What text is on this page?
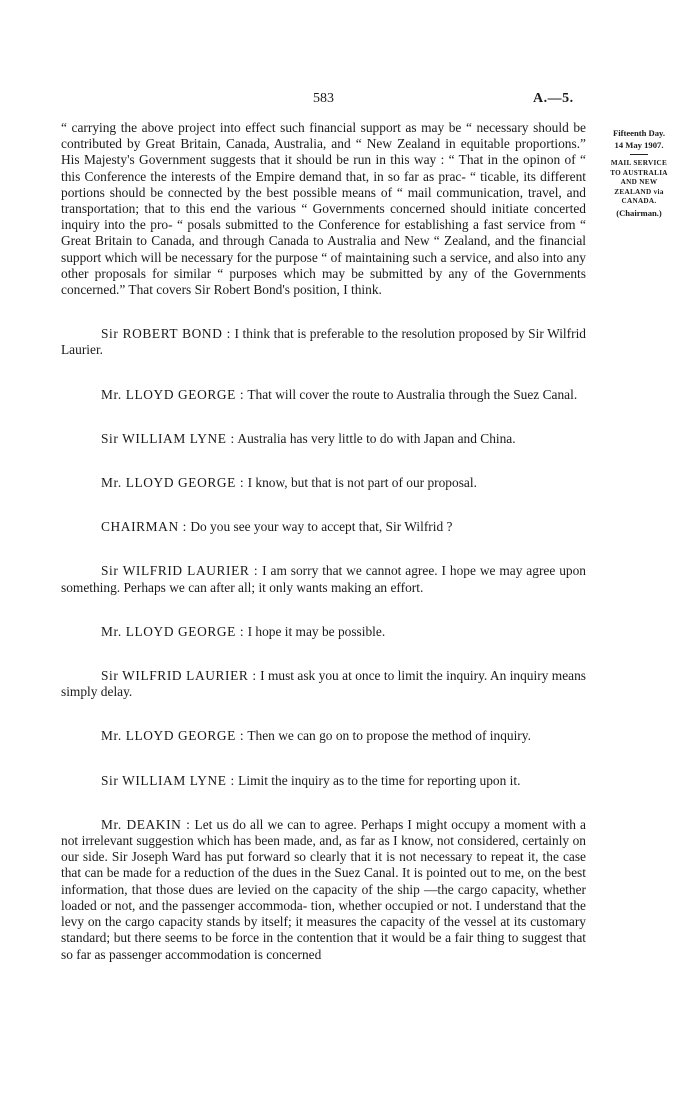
583	A.—5.
Fifteenth Day.
14 May 1907.
MAIL SERVICE
TO AUSTRALIA
AND NEW
ZEALAND via
CANADA.
(Chairman.)

“ carrying the above project into effect such financial support as may be “ necessary should be contributed by Great Britain, Canada, Australia, and “ New Zealand in equitable proportions.” His Majesty's Government suggests that it should be run in this way : “ That in the opinon of “ this Conference the interests of the Empire demand that, in so far as prac- “ ticable, its different portions should be connected by the best possible means of “ mail communication, travel, and transportation; that to this end the various “ Governments concerned should initiate concerted inquiry into the pro- “ posals submitted to the Conference for establishing a fast service from “ Great Britain to Canada, and through Canada to Australia and New “ Zealand, and the financial support which will be necessary for the purpose “ of maintaining such a service, and also into any other proposals for similar “ purposes which may be submitted by any of the Governments concerned.” That covers Sir Robert Bond's position, I think.

Sir ROBERT BOND : I think that is preferable to the resolution proposed by Sir Wilfrid Laurier.

Mr. LLOYD GEORGE : That will cover the route to Australia through the Suez Canal.

Sir WILLIAM LYNE : Australia has very little to do with Japan and China.

Mr. LLOYD GEORGE : I know, but that is not part of our proposal.

CHAIRMAN : Do you see your way to accept that, Sir Wilfrid ?

Sir WILFRID LAURIER : I am sorry that we cannot agree. I hope we may agree upon something. Perhaps we can after all; it only wants making an effort.

Mr. LLOYD GEORGE : I hope it may be possible.

Sir WILFRID LAURIER : I must ask you at once to limit the inquiry. An inquiry means simply delay.

Mr. LLOYD GEORGE : Then we can go on to propose the method of inquiry.

Sir WILLIAM LYNE : Limit the inquiry as to the time for reporting upon it.

Mr. DEAKIN : Let us do all we can to agree. Perhaps I might occupy a moment with a not irrelevant suggestion which has been made, and, as far as I know, not considered, certainly on our side. Sir Joseph Ward has put forward so clearly that it is not necessary to repeat it, the case that can be made for a reduction of the dues in the Suez Canal. It is pointed out to me, on the best information, that those dues are levied on the capacity of the ship —the cargo capacity, whether loaded or not, and the passenger accommoda- tion, whether occupied or not. I understand that the levy on the cargo capacity stands by itself; it measures the capacity of the vessel at its customary standard; but there seems to be force in the contention that it would be a fair thing to suggest that so far as passenger accommodation is concerned
